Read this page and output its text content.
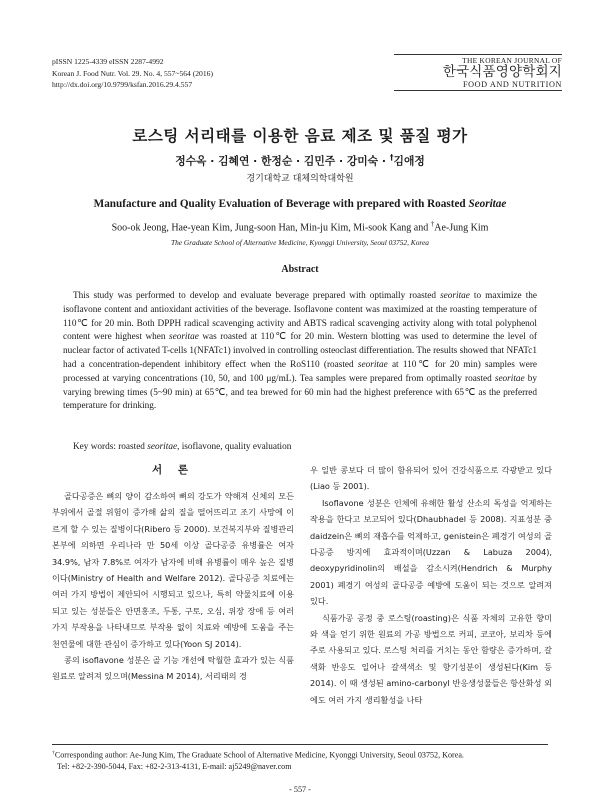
pISSN 1225-4339 eISSN 2287-4992
Korean J. Food Nutr. Vol. 29. No. 4, 557~564 (2016)
http://dx.doi.org/10.9799/ksfan.2016.29.4.557
THE KOREAN JOURNAL OF
한국식품영양학회지
FOOD AND NUTRITION
로스팅 서리태를 이용한 음료 제조 및 품질 평가
정수옥 · 김혜연 · 한정순 · 김민주 · 강미숙 · †김애정
경기대학교 대체의학대학원
Manufacture and Quality Evaluation of Beverage with prepared with Roasted Seoritae
Soo-ok Jeong, Hae-yean Kim, Jung-soon Han, Min-ju Kim, Mi-sook Kang and †Ae-Jung Kim
The Graduate School of Alternative Medicine, Kyonggi University, Seoul 03752, Korea
Abstract
This study was performed to develop and evaluate beverage prepared with optimally roasted seoritae to maximize the isoflavone content and antioxidant activities of the beverage. Isoflavone content was maximized at the roasting temperature of 110℃ for 20 min. Both DPPH radical scavenging activity and ABTS radical scavenging activity along with total polyphenol content were highest when seoritae was roasted at 110℃ for 20 min. Western blotting was used to determine the level of nuclear factor of activated T-cells 1(NFATc1) involved in controlling osteoclast differentiation. The results showed that NFATc1 had a concentration-dependent inhibitory effect when the RoS110 (roasted seoritae at 110℃ for 20 min) samples were processed at varying concentrations (10, 50, and 100 μg/mL). Tea samples were prepared from optimally roasted seoritae by varying brewing times (5~90 min) at 65℃, and tea brewed for 60 min had the highest preference with 65℃ as the preferred temperature for drinking.
Key words: roasted seoritae, isoflavone, quality evaluation
서 론

골다공증은 뼈의 양이 감소하여 뼈의 강도가 약해져 신체의 모든 부위에서 골절 위험이 증가해 삶의 질을 떨어뜨리고 조기 사망에 이르게 할 수 있는 질병이다(Ribero 등 2000). 보건복지부와 질병관리본부에 의하면 우리나라 만 50세 이상 골다공증 유병률은 여자 34.9%, 남자 7.8%로 여자가 남자에 비해 유병률이 매우 높은 질병이다(Ministry of Health and Welfare 2012). 골다공증 치료에는 여러 가지 방법이 제안되어 시행되고 있으나, 특히 약물치료에 이용되고 있는 성분들은 안면홍조, 두통, 구토, 오심, 위장 장애 등 여러 가지 부작용을 나타내므로 부작용 없이 치료와 예방에 도움을 주는 천연물에 대한 관심이 증가하고 있다(Yoon SJ 2014).

콩의 isoflavone 성분은 골 기능 개선에 탁월한 효과가 있는 식품 원료로 알려져 있으며(Messina M 2014), 서리태의 경

우 일반 콩보다 더 많이 함유되어 있어 건강식품으로 각광받고 있다(Liao 등 2001).

Isoflavone 성분은 인체에 유해한 활성 산소의 독성을 억제하는 작용을 한다고 보고되어 있다(Dhaubhadel 등 2008). 지표성분 중 daidzein은 뼈의 재흡수를 억제하고, genistein은 폐경기 여성의 골다공증 방지에 효과적이며(Uzzan & Labuza 2004), deoxypyridinolin의 배설을 감소시켜(Hendrich & Murphy 2001) 폐경기 여성의 골다공증 예방에 도움이 되는 것으로 알려져 있다.

식품가공 공정 중 로스팅(roasting)은 식품 자체의 고유한 향미와 색을 얻기 위한 원료의 가공 방법으로 커피, 코코아, 보리차 등에 주로 사용되고 있다. 로스팅 처리를 거치는 동안 함량은 증가하며, 갈색화 반응도 일어나 갈색색소 및 향기성분이 생성된다(Kim 등 2014). 이 때 생성된 amino-carbonyl 반응생성물들은 항산화성 외에도 여러 가지 생리활성을 나타

†Corresponding author: Ae-Jung Kim, The Graduate School of Alternative Medicine, Kyonggi University, Seoul 03752, Korea.
Tel: +82-2-390-5044, Fax: +82-2-313-4131, E-mail: aj5249@naver.com
- 557 -
